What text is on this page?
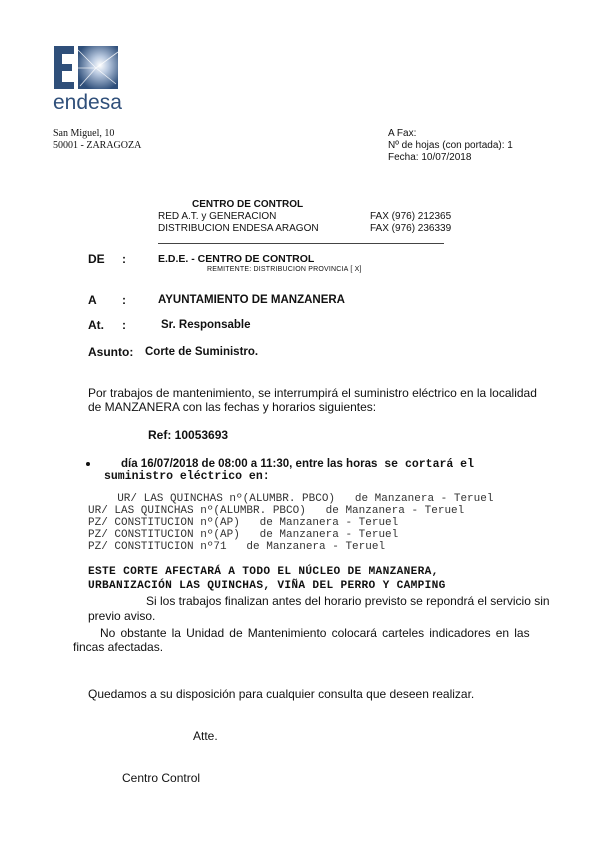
endesa
San Miguel, 10
50001 - ZARAGOZA
A Fax:
Nº de hojas (con portada): 1
Fecha: 10/07/2018
CENTRO DE CONTROL
RED A.T. y GENERACION	FAX (976) 212365
DISTRIBUCION ENDESA ARAGON	FAX (976) 236339
DE :	E.D.E. - CENTRO DE CONTROL
REMITENTE: DISTRIBUCION PROVINCIA [ X]
A :	AYUNTAMIENTO DE MANZANERA
At. :	Sr. Responsable
Asunto: Corte de Suministro.
Por trabajos de mantenimiento, se interrumpirá el suministro eléctrico en la localidad
de MANZANERA con las fechas y horarios siguientes:
Ref: 10053693
día 16/07/2018 de 08:00 a 11:30, entre las horas se cortará el
suministro eléctrico en:
UR/ LAS QUINCHAS nº(ALUMBR. PBCO)   de Manzanera - Teruel
UR/ LAS QUINCHAS nº(ALUMBR. PBCO)   de Manzanera - Teruel
PZ/ CONSTITUCION nº(AP)   de Manzanera - Teruel
PZ/ CONSTITUCION nº(AP)   de Manzanera - Teruel
PZ/ CONSTITUCION nº71   de Manzanera - Teruel
ESTE CORTE AFECTARÁ A TODO EL NÚCLEO DE MANZANERA,
URBANIZACIÓN LAS QUINCHAS, VIÑA DEL PERRO Y CAMPING
Si los trabajos finalizan antes del horario previsto se repondrá el servicio sin
previo aviso.
No obstante la Unidad de Mantenimiento colocará carteles indicadores en las
fincas afectadas.
Quedamos a su disposición para cualquier consulta que deseen realizar.
Atte.
Centro Control
